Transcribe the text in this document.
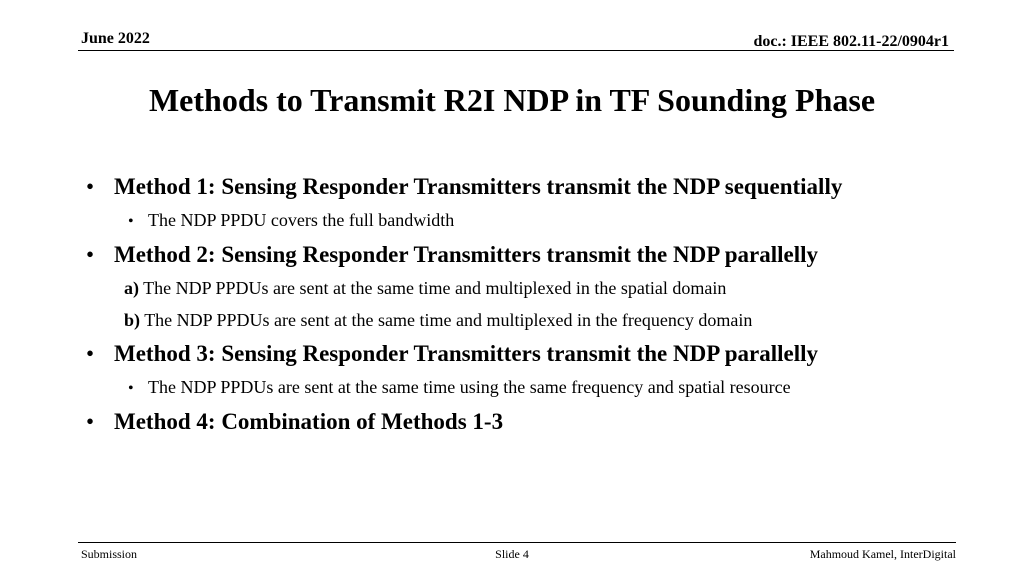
June 2022	doc.: IEEE 802.11-22/0904r1
Methods to Transmit R2I NDP in TF Sounding Phase
• Method 1: Sensing Responder Transmitters transmit the NDP sequentially
• The NDP PPDU covers the full bandwidth
• Method 2: Sensing Responder Transmitters transmit the NDP parallelly
a) The NDP PPDUs are sent at the same time and multiplexed in the spatial domain
b) The NDP PPDUs are sent at the same time and multiplexed in the frequency domain
• Method 3: Sensing Responder Transmitters transmit the NDP parallelly
• The NDP PPDUs are sent at the same time using the same frequency and spatial resource
• Method 4: Combination of Methods 1-3
Submission	Slide 4	Mahmoud Kamel, InterDigital
